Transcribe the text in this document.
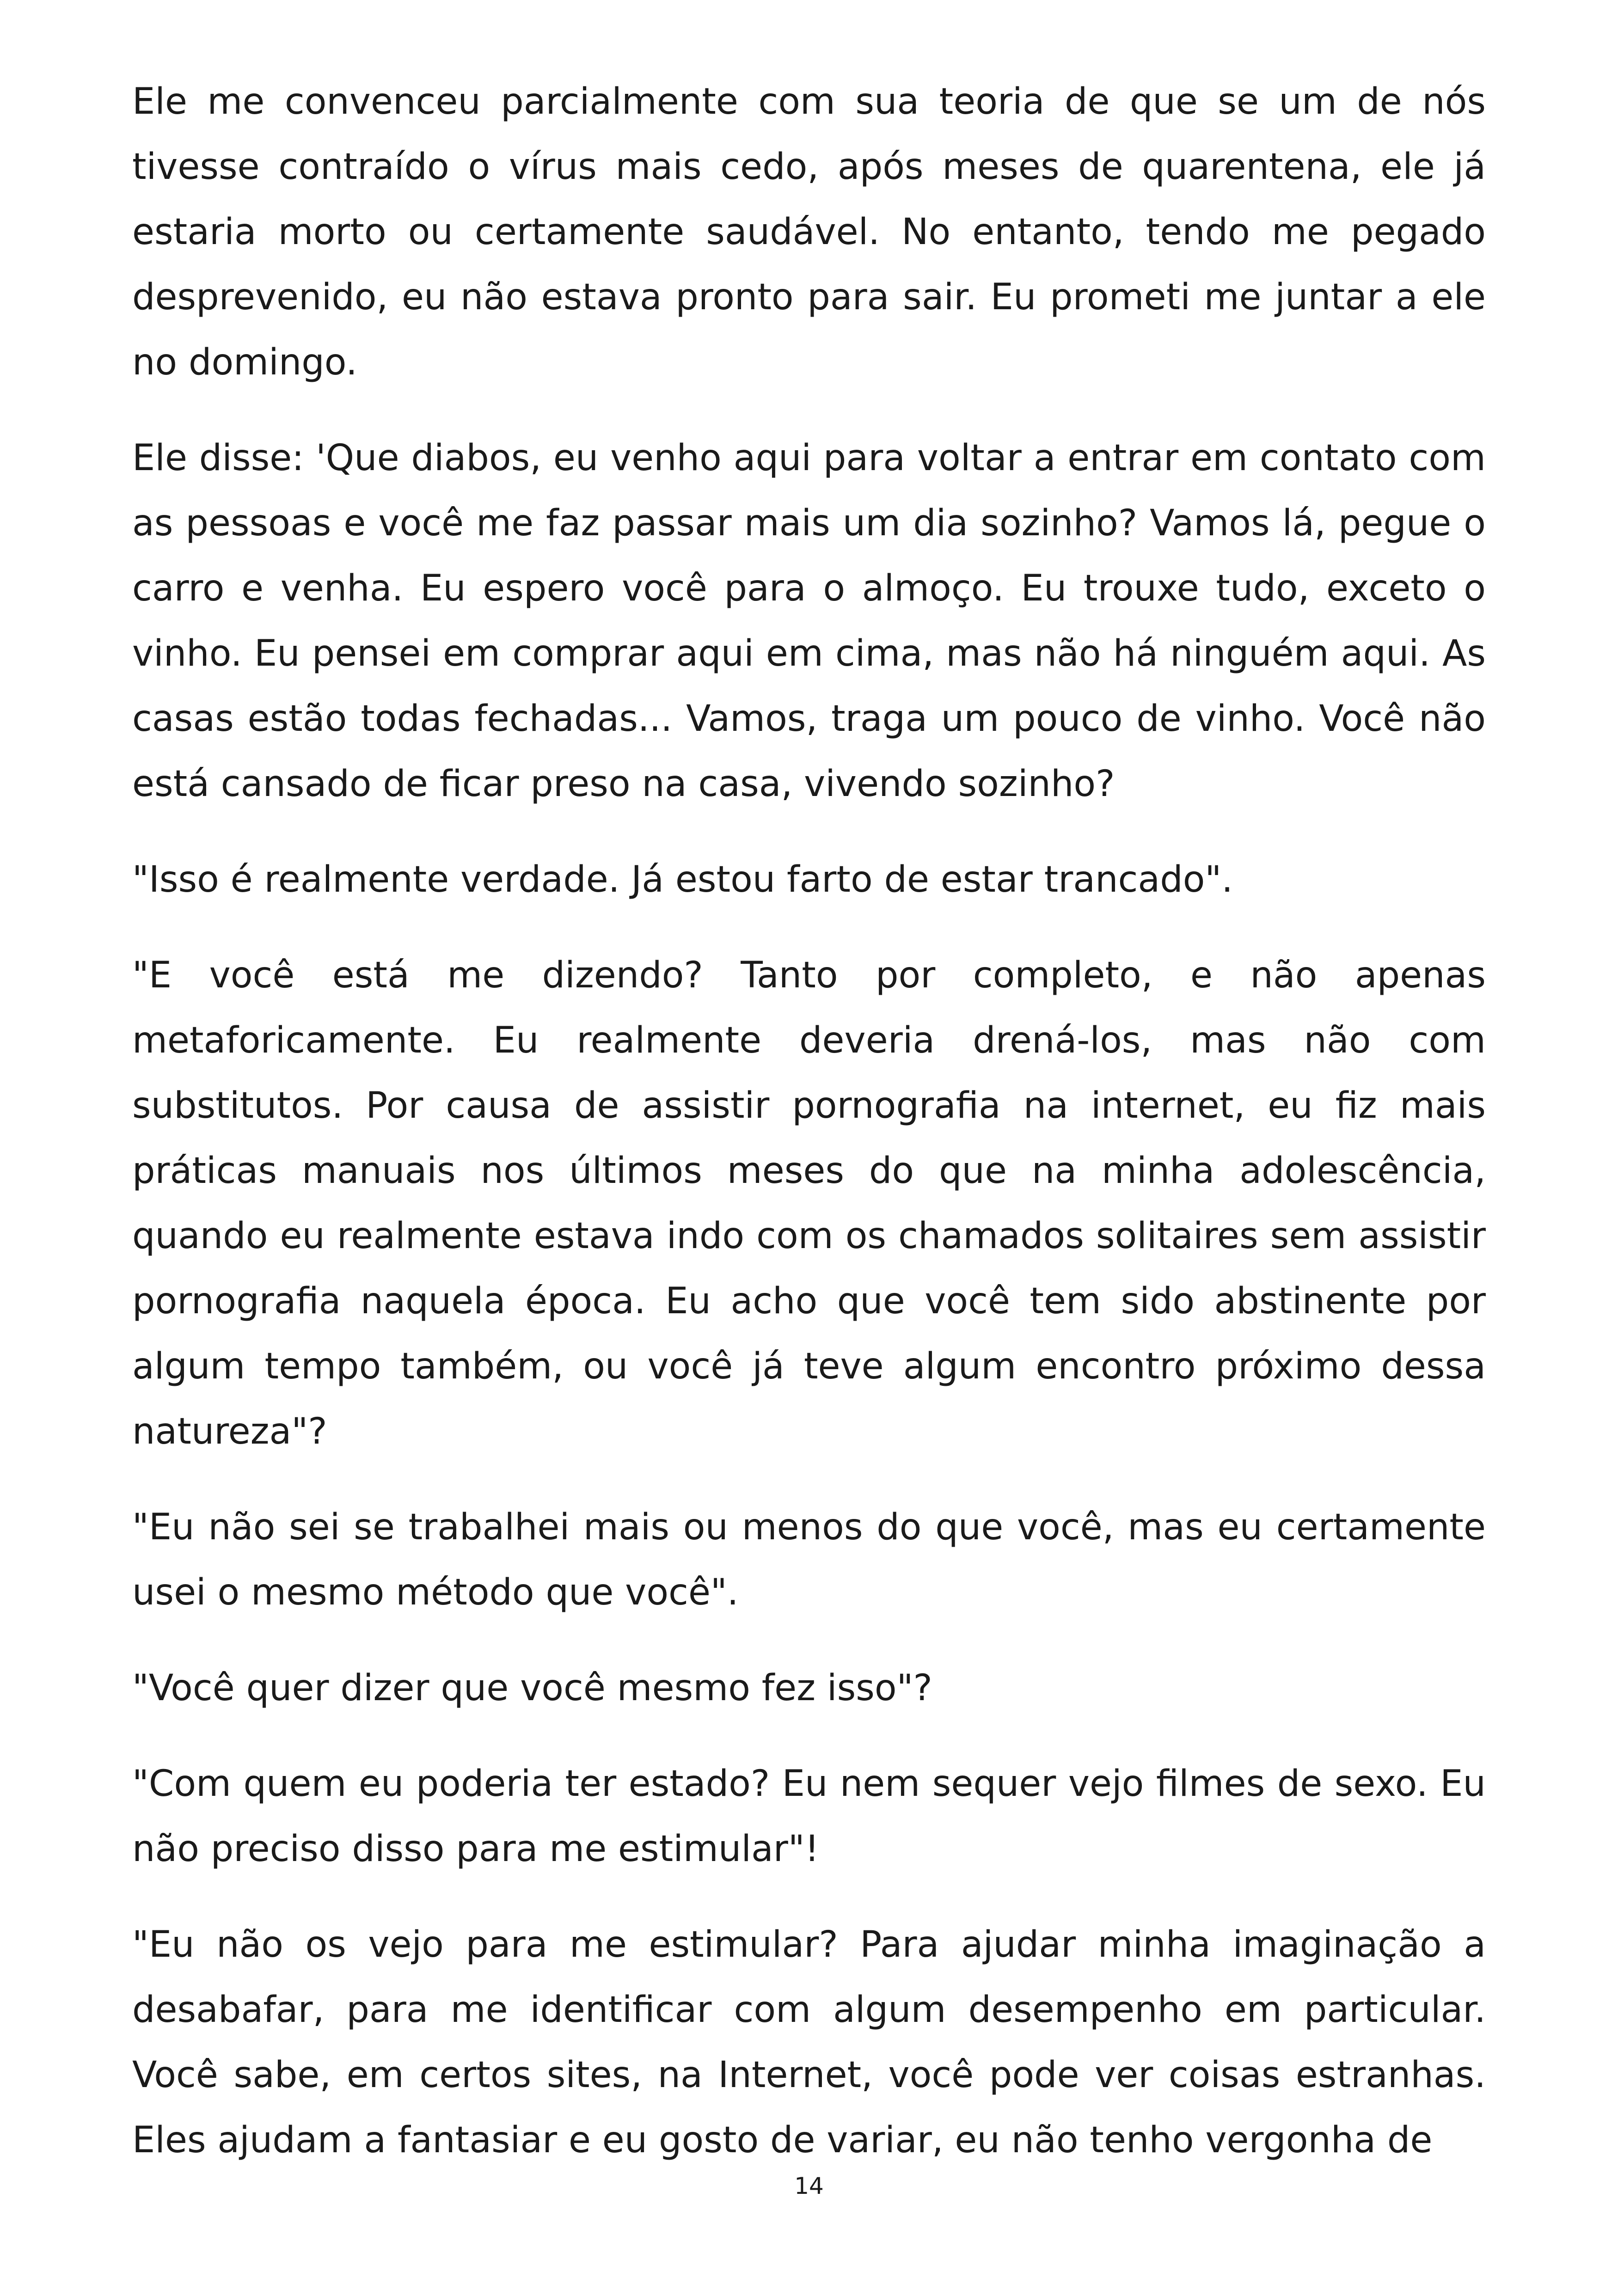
Ele me convenceu parcialmente com sua teoria de que se um de nós tivesse contraído o vírus mais cedo, após meses de quarentena, ele já estaria morto ou certamente saudável. No entanto, tendo me pegado desprevenido, eu não estava pronto para sair. Eu prometi me juntar a ele no domingo.

Ele disse: 'Que diabos, eu venho aqui para voltar a entrar em contato com as pessoas e você me faz passar mais um dia sozinho? Vamos lá, pegue o carro e venha. Eu espero você para o almoço. Eu trouxe tudo, exceto o vinho. Eu pensei em comprar aqui em cima, mas não há ninguém aqui. As casas estão todas fechadas... Vamos, traga um pouco de vinho. Você não está cansado de ficar preso na casa, vivendo sozinho?

"Isso é realmente verdade. Já estou farto de estar trancado".

"E você está me dizendo? Tanto por completo, e não apenas metaforicamente. Eu realmente deveria drená-los, mas não com substitutos. Por causa de assistir pornografia na internet, eu fiz mais práticas manuais nos últimos meses do que na minha adolescência, quando eu realmente estava indo com os chamados solitaires sem assistir pornografia naquela época. Eu acho que você tem sido abstinente por algum tempo também, ou você já teve algum encontro próximo dessa natureza"?

"Eu não sei se trabalhei mais ou menos do que você, mas eu certamente usei o mesmo método que você".

"Você quer dizer que você mesmo fez isso"?

"Com quem eu poderia ter estado? Eu nem sequer vejo filmes de sexo. Eu não preciso disso para me estimular"!

"Eu não os vejo para me estimular? Para ajudar minha imaginação a desabafar, para me identificar com algum desempenho em particular. Você sabe, em certos sites, na Internet, você pode ver coisas estranhas. Eles ajudam a fantasiar e eu gosto de variar, eu não tenho vergonha de

14
